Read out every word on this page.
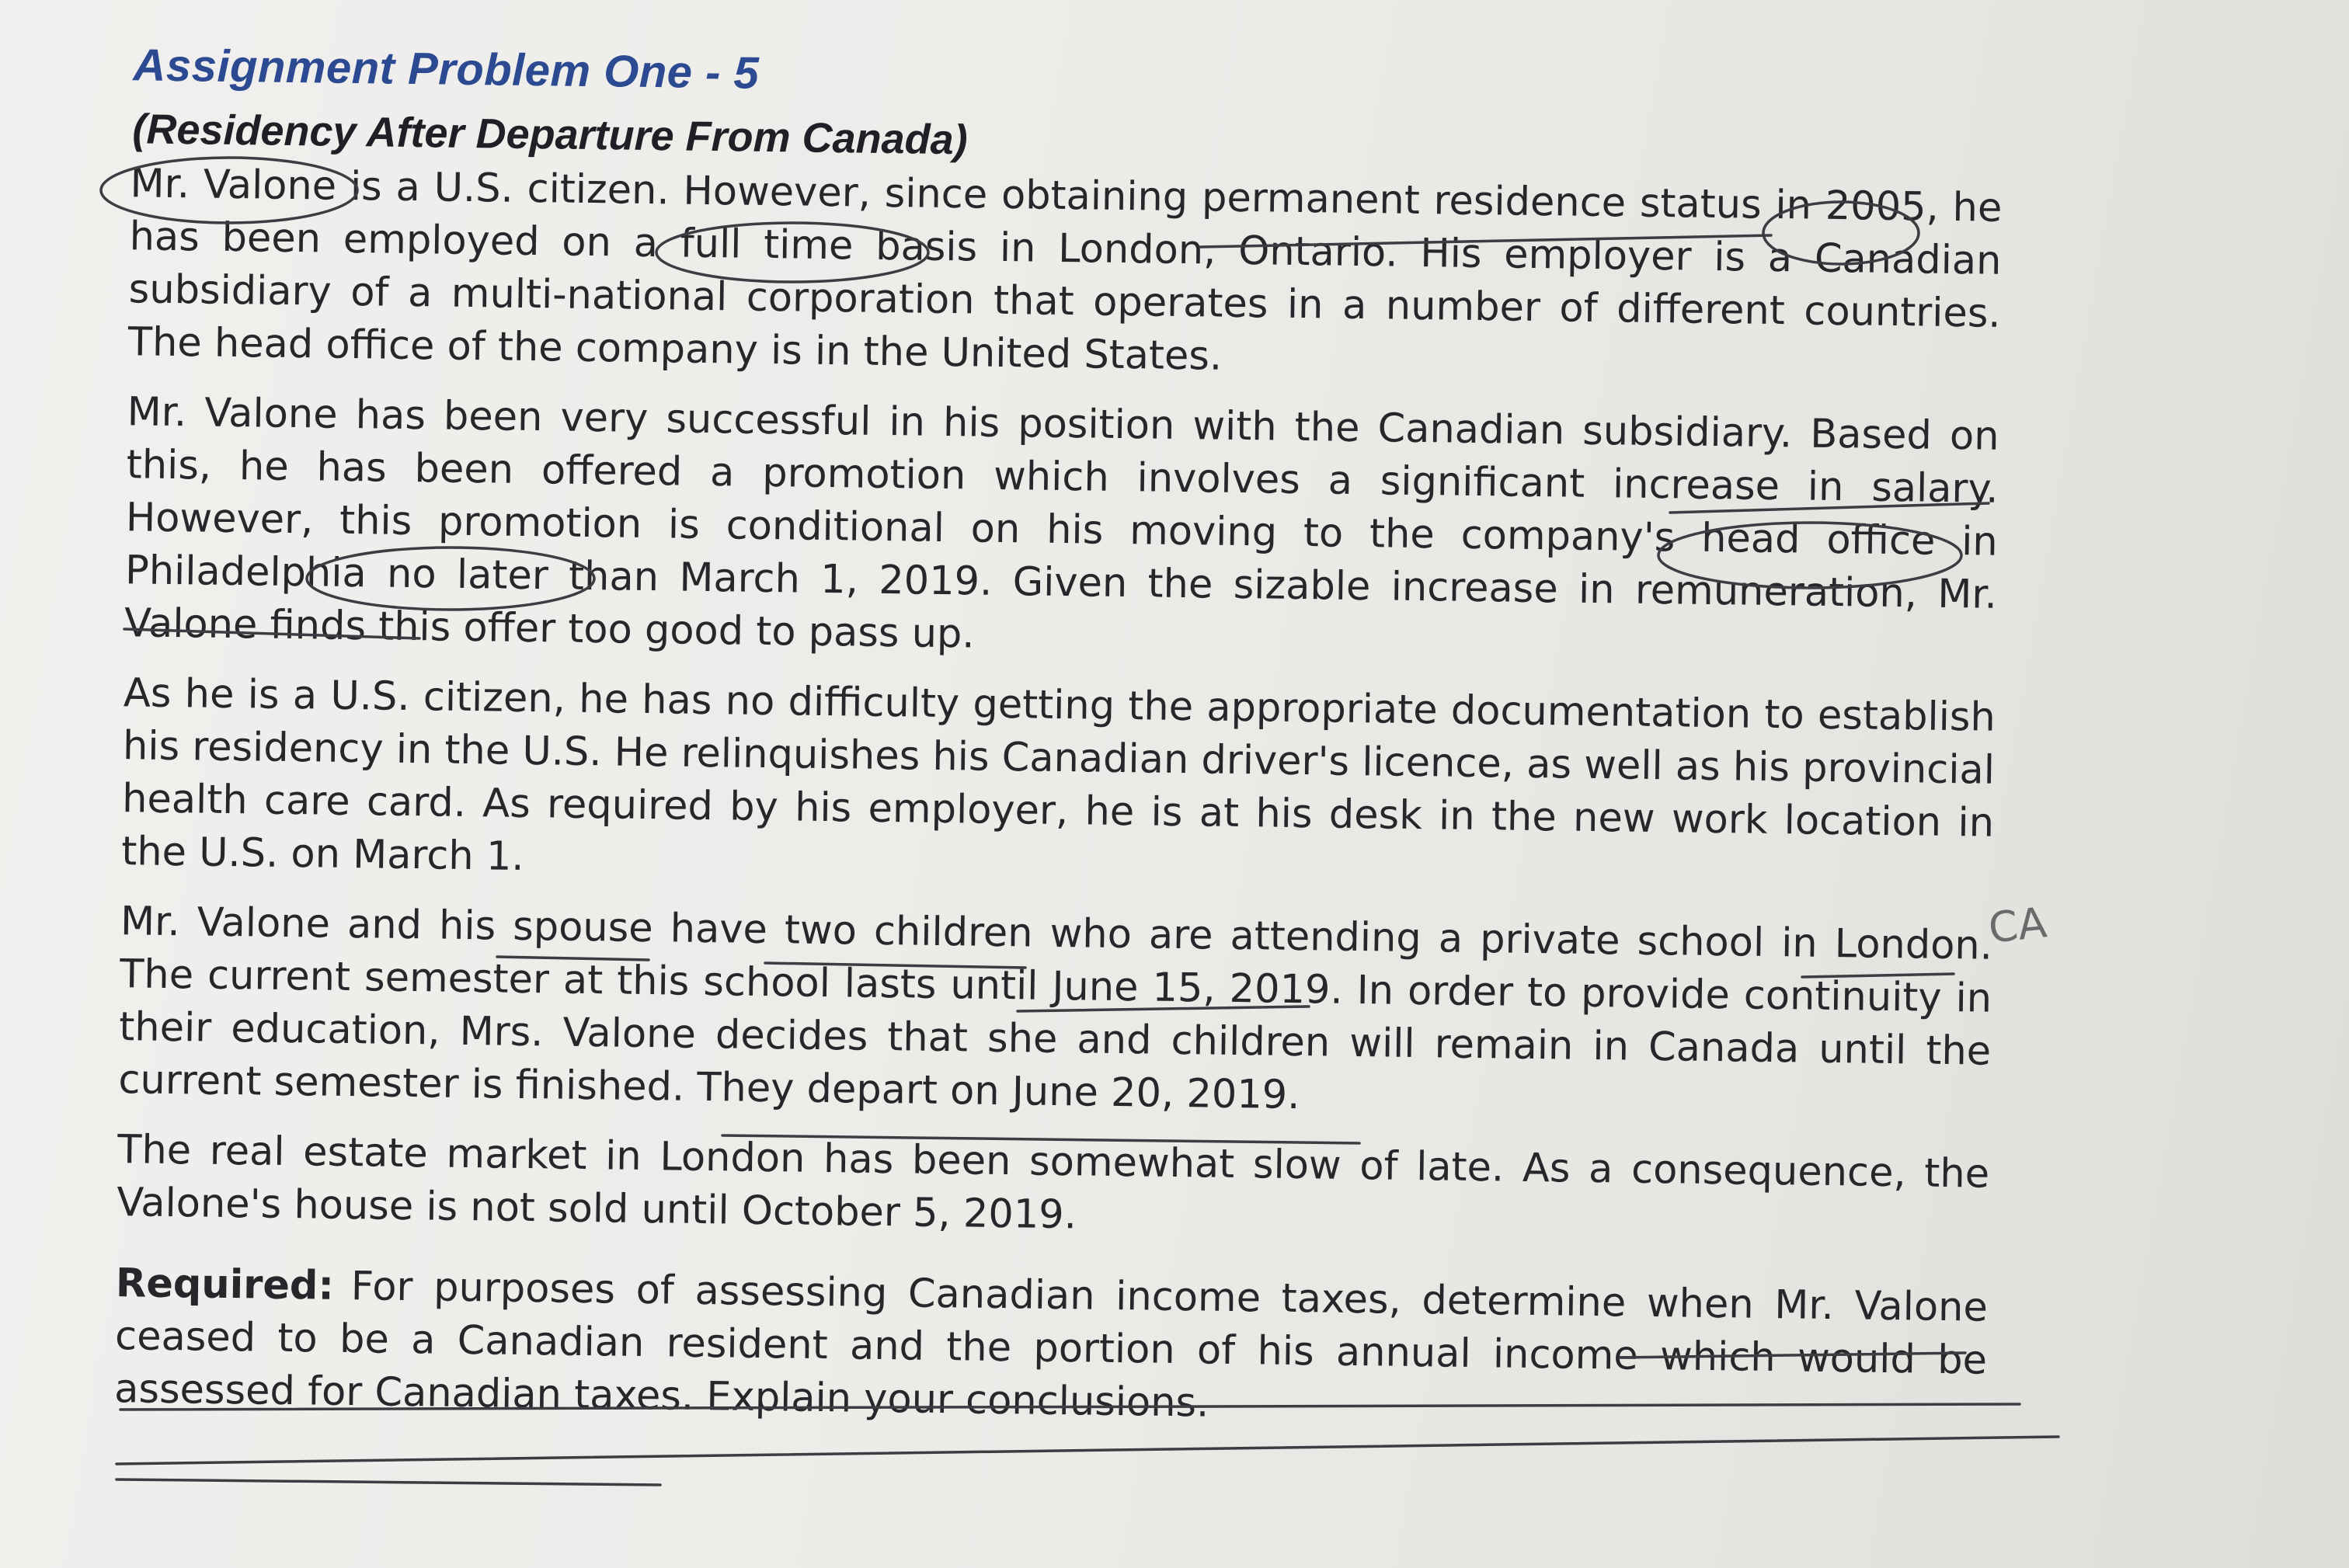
Assignment Problem One - 5
(Residency After Departure From Canada)

Mr. Valone is a U.S. citizen. However, since obtaining permanent residence status in 2005, he has been employed on a full time basis in London, Ontario. His employer is a Canadian subsidiary of a multi-national corporation that operates in a number of different countries. The head office of the company is in the United States.

Mr. Valone has been very successful in his position with the Canadian subsidiary. Based on this, he has been offered a promotion which involves a significant increase in salary. However, this promotion is conditional on his moving to the company's head office in Philadelphia no later than March 1, 2019. Given the sizable increase in remuneration, Mr. Valone finds this offer too good to pass up.

As he is a U.S. citizen, he has no difficulty getting the appropriate documentation to establish his residency in the U.S. He relinquishes his Canadian driver's licence, as well as his provincial health care card. As required by his employer, he is at his desk in the new work location in the U.S. on March 1.

Mr. Valone and his spouse have two children who are attending a private school in London. The current semester at this school lasts until June 15, 2019. In order to provide continuity in their education, Mrs. Valone decides that she and children will remain in Canada until the current semester is finished. They depart on June 20, 2019.

The real estate market in London has been somewhat slow of late. As a consequence, the Valone's house is not sold until October 5, 2019.

Required: For purposes of assessing Canadian income taxes, determine when Mr. Valone ceased to be a Canadian resident and the portion of his annual income which would be assessed for Canadian taxes. Explain your conclusions.

CA
